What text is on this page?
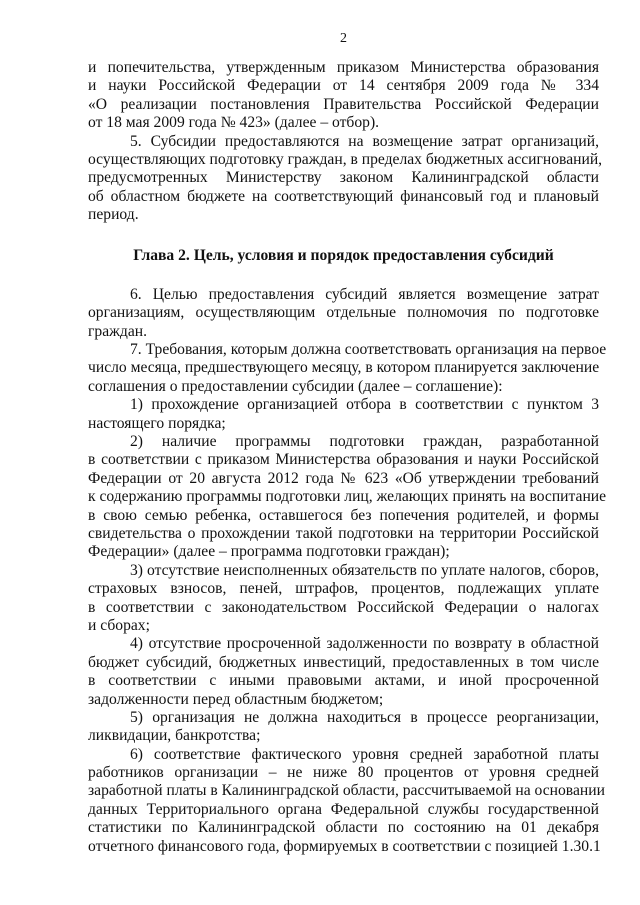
2
и попечительства, утвержденным приказом Министерства образования
и науки Российской Федерации от 14 сентября 2009 года № 334
«О реализации постановления Правительства Российской Федерации
от 18 мая 2009 года № 423» (далее – отбор).
5. Субсидии предоставляются на возмещение затрат организаций,
осуществляющих подготовку граждан, в пределах бюджетных ассигнований,
предусмотренных Министерству законом Калининградской области
об областном бюджете на соответствующий финансовый год и плановый
период.
Глава 2. Цель, условия и порядок предоставления субсидий
6. Целью предоставления субсидий является возмещение затрат
организациям, осуществляющим отдельные полномочия по подготовке
граждан.
7. Требования, которым должна соответствовать организация на первое
число месяца, предшествующего месяцу, в котором планируется заключение
соглашения о предоставлении субсидии (далее – соглашение):
1) прохождение организацией отбора в соответствии с пунктом 3
настоящего порядка;
2) наличие программы подготовки граждан, разработанной
в соответствии с приказом Министерства образования и науки Российской
Федерации от 20 августа 2012 года № 623 «Об утверждении требований
к содержанию программы подготовки лиц, желающих принять на воспитание
в свою семью ребенка, оставшегося без попечения родителей, и формы
свидетельства о прохождении такой подготовки на территории Российской
Федерации» (далее – программа подготовки граждан);
3) отсутствие неисполненных обязательств по уплате налогов, сборов,
страховых взносов, пеней, штрафов, процентов, подлежащих уплате
в соответствии с законодательством Российской Федерации о налогах
и сборах;
4) отсутствие просроченной задолженности по возврату в областной
бюджет субсидий, бюджетных инвестиций, предоставленных в том числе
в соответствии с иными правовыми актами, и иной просроченной
задолженности перед областным бюджетом;
5) организация не должна находиться в процессе реорганизации,
ликвидации, банкротства;
6) соответствие фактического уровня средней заработной платы
работников организации – не ниже 80 процентов от уровня средней
заработной платы в Калининградской области, рассчитываемой на основании
данных Территориального органа Федеральной службы государственной
статистики по Калининградской области по состоянию на 01 декабря
отчетного финансового года, формируемых в соответствии с позицией 1.30.1
